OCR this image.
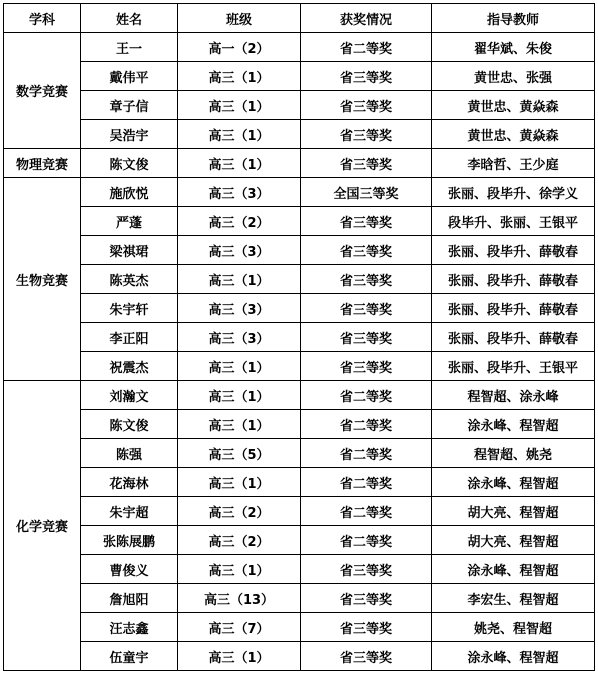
学科	姓名	班级	获奖情况	指导教师
数学竞赛	王一	高一（2）	省二等奖	翟华斌、朱俊
	戴伟平	高三（1）	省三等奖	黄世忠、张强
	章子信	高三（1）	省三等奖	黄世忠、黄焱森
	吴浩宇	高三（1）	省三等奖	黄世忠、黄焱森
物理竞赛	陈文俊	高三（1）	省三等奖	李晗哲、王少庭
生物竞赛	施欣悦	高三（3）	全国三等奖	张丽、段毕升、徐学义
	严蓬	高三（2）	省三等奖	段毕升、张丽、王银平
	梁祺珺	高三（3）	省三等奖	张丽、段毕升、薛敬春
	陈英杰	高三（1）	省三等奖	张丽、段毕升、薛敬春
	朱宇轩	高三（3）	省三等奖	张丽、段毕升、薛敬春
	李正阳	高三（3）	省三等奖	张丽、段毕升、薛敬春
	祝震杰	高三（1）	省三等奖	张丽、段毕升、王银平
化学竞赛	刘瀚文	高三（1）	省二等奖	程智超、涂永峰
	陈文俊	高三（1）	省二等奖	涂永峰、程智超
	陈强	高三（5）	省二等奖	程智超、姚尧
	花海林	高三（1）	省二等奖	涂永峰、程智超
	朱宇超	高三（2）	省二等奖	胡大亮、程智超
	张陈展鹏	高三（2）	省二等奖	胡大亮、程智超
	曹俊义	高三（1）	省三等奖	涂永峰、程智超
	詹旭阳	高三（13）	省三等奖	李宏生、程智超
	汪志鑫	高三（7）	省三等奖	姚尧、程智超
	伍童宇	高三（1）	省三等奖	涂永峰、程智超
